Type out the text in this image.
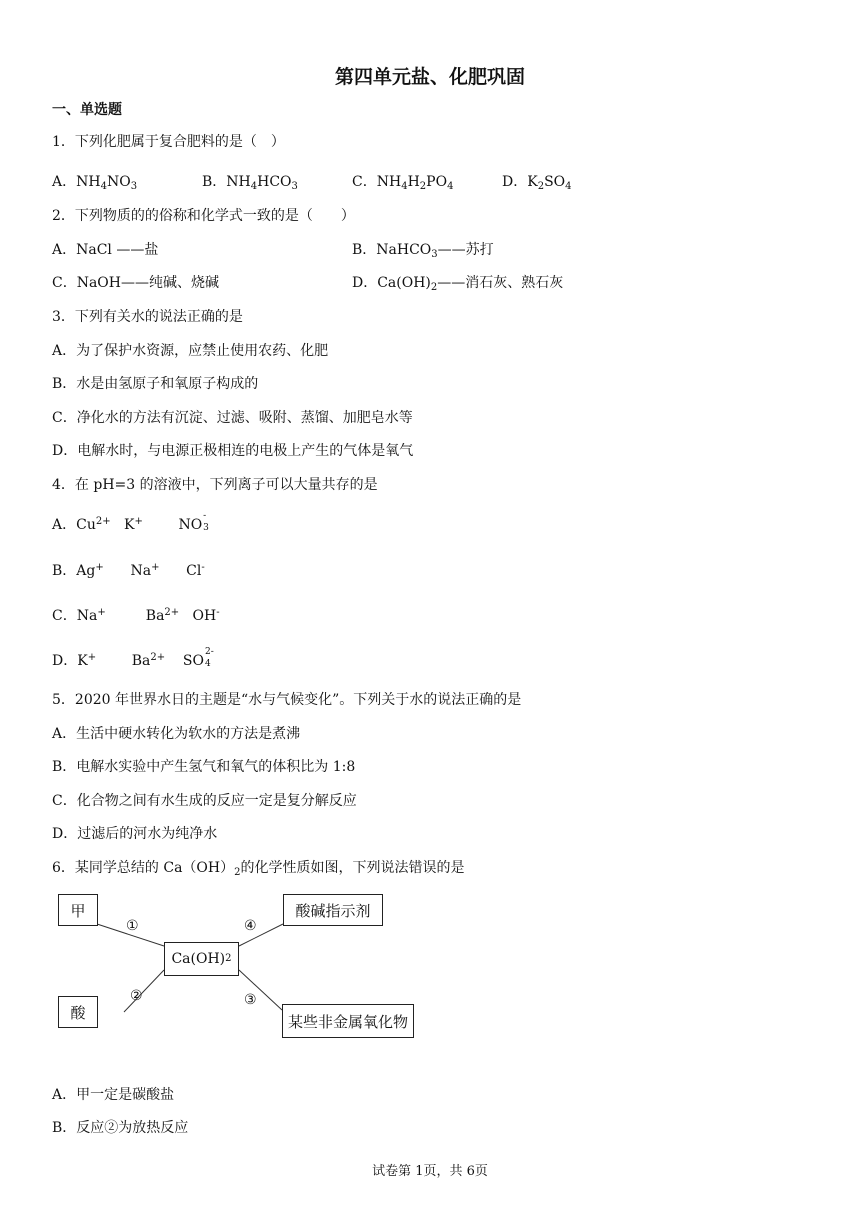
第四单元盐、化肥巩固
一、单选题
1．下列化肥属于复合肥料的是（　）
A．$NH_4NO_3$	B．$NH_4HCO_3$	C．$NH_4H_2PO_4$	D．$K_2SO_4$
2．下列物质的的俗称和化学式一致的是（　　）
A．NaCl ——盐	B．NaHCO$_3$——苏打
C．NaOH——纯碱、烧碱	D．$Ca(OH)_2——$消石灰、熟石灰
3．下列有关水的说法正确的是
A．为了保护水资源，应禁止使用农药、化肥
B．水是由氢原子和氧原子构成的
C．净化水的方法有沉淀、过滤、吸附、蒸馏、加肥皂水等
D．电解水时，与电源正极相连的电极上产生的气体是氧气
4．在 pH=3 的溶液中，下列离子可以大量共存的是
A．$Cu^{2+}$ K+	NO
-
3
B．Ag+ Na+ Cl-
C．Na+	$Ba^{2+}$ OH-
D．K+	$Ba^{2+}$ SO
2-
4
5．2020 年世界水日的主题是“水与气候变化”。下列关于水的说法正确的是
A．生活中硬水转化为软水的方法是煮沸
B．电解水实验中产生氢气和氧气的体积比为 1:8
C．化合物之间有水生成的反应一定是复分解反应
D．过滤后的河水为纯净水
6．某同学总结的 $Ca(OH)_2$的化学性质如图，下列说法错误的是
甲
酸
Ca(OH) 2
酸碱指示剂
某些非金属氧化物
①
②	③
④
A．甲一定是碳酸盐
B．反应②为放热反应
试卷第 1页，共 6页
